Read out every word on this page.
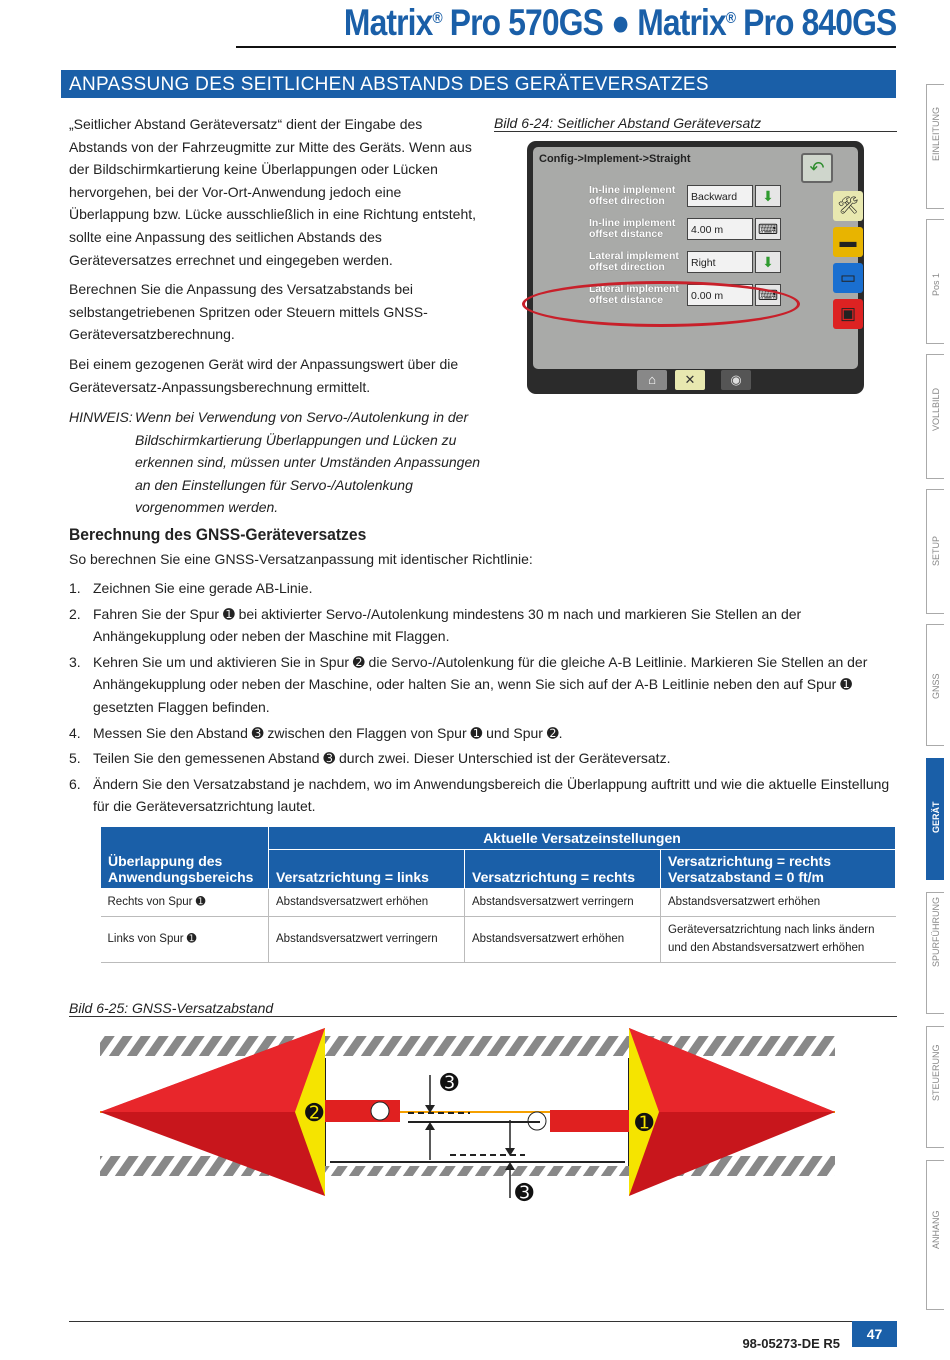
Matrix® Pro 570GS ● Matrix® Pro 840GS
ANPASSUNG DES SEITLICHEN ABSTANDS DES GERÄTEVERSATZES
„Seitlicher Abstand Geräteversatz“ dient der Eingabe des Abstands von der Fahrzeugmitte zur Mitte des Geräts. Wenn aus der Bildschirmkartierung keine Überlappungen oder Lücken hervorgehen, bei der Vor-Ort-Anwendung jedoch eine Überlappung bzw. Lücke ausschließlich in eine Richtung entsteht, sollte eine Anpassung des seitlichen Abstands des Geräteversatzes errechnet und eingegeben werden.
Berechnen Sie die Anpassung des Versatzabstands bei selbstangetriebenen Spritzen oder Steuern mittels GNSS-Geräteversatzberechnung.
Bei einem gezogenen Gerät wird der Anpassungswert über die Geräteversatz-Anpassungsberechnung ermittelt.
HINWEIS: Wenn bei Verwendung von Servo-/Autolenkung in der Bildschirmkartierung Überlappungen und Lücken zu erkennen sind, müssen unter Umständen Anpassungen an den Einstellungen für Servo-/Autolenkung vorgenommen werden.
Bild 6-24: Seitlicher Abstand Geräteversatz
Config->Implement->Straight	↶
In-line implement
offset direction	Backward	⬇
In-line implement
offset distance	4.00 m	⌨
Lateral implement
offset direction	Right	⬇
Lateral implement
offset distance	0.00 m	⌨
🛠
▬
▭
▣
⌂	✕	◉
Berechnung des GNSS-Geräteversatzes
So berechnen Sie eine GNSS-Versatzanpassung mit identischer Richtlinie:
1. Zeichnen Sie eine gerade AB-Linie.
2. Fahren Sie der Spur ➊ bei aktivierter Servo-/Autolenkung mindestens 30 m nach und markieren Sie Stellen an der Anhängekupplung oder neben der Maschine mit Flaggen.
3. Kehren Sie um und aktivieren Sie in Spur ➋ die Servo-/Autolenkung für die gleiche A-B Leitlinie. Markieren Sie Stellen an der Anhängekupplung oder neben der Maschine, oder halten Sie an, wenn Sie sich auf der A-B Leitlinie neben den auf Spur ➊ gesetzten Flaggen befinden.
4. Messen Sie den Abstand ➌ zwischen den Flaggen von Spur ➊ und Spur ➋.
5. Teilen Sie den gemessenen Abstand ➌ durch zwei. Dieser Unterschied ist der Geräteversatz.
6. Ändern Sie den Versatzabstand je nachdem, wo im Anwendungsbereich die Überlappung auftritt und wie die aktuelle Einstellung für die Geräteversatzrichtung lautet.
Überlappung des Anwendungsbereichs	Aktuelle Versatzeinstellungen		
	Versatzrichtung = links	Versatzrichtung = rechts	Versatzrichtung = rechts Versatzabstand = 0 ft/m
Rechts von Spur ➊	Abstandsversatzwert erhöhen	Abstandsversatzwert verringern	Abstandsversatzwert erhöhen
Links von Spur ➊	Abstandsversatzwert verringern	Abstandsversatzwert erhöhen	Geräteversatzrichtung nach links ändern und den Abstandsversatzwert erhöhen
Bild 6-25: GNSS-Versatzabstand
➋	➊
➌
➌
EINLEITUNG
Pos 1
VOLLBILD
SETUP
GNSS
GERÄT
SPURFÜHRUNG
STEUERUNG
ANHANG
98-05273-DE R5
47
